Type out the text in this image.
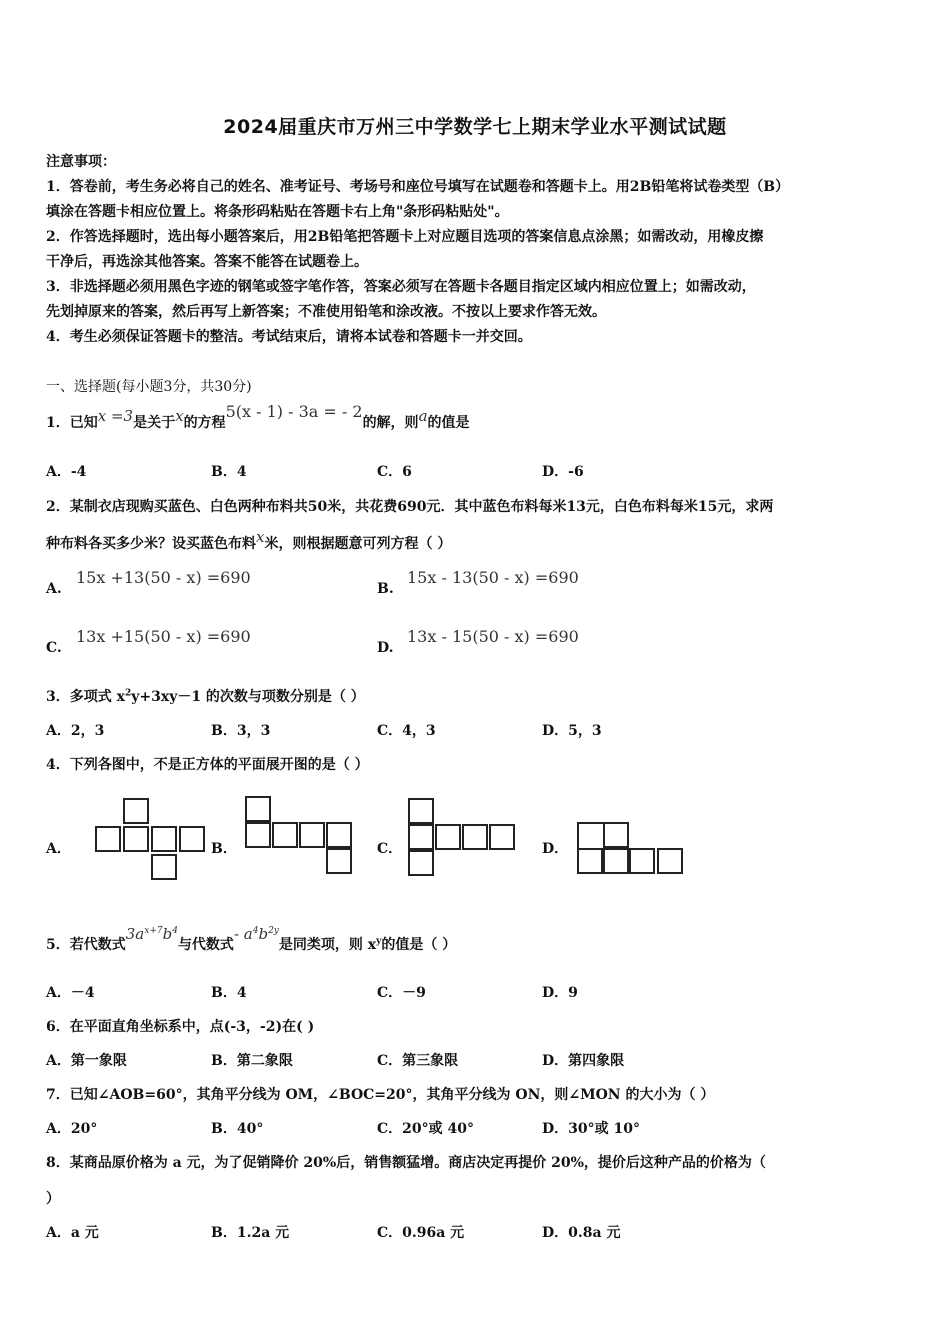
2024届重庆市万州三中学数学七上期末学业水平测试试题
注意事项：
1．答卷前，考生务必将自己的姓名、准考证号、考场号和座位号填写在试题卷和答题卡上。用2B铅笔将试卷类型（B）
填涂在答题卡相应位置上。将条形码粘贴在答题卡右上角"条形码粘贴处"。
2．作答选择题时，选出每小题答案后，用2B铅笔把答题卡上对应题目选项的答案信息点涂黑；如需改动，用橡皮擦
干净后，再选涂其他答案。答案不能答在试题卷上。
3．非选择题必须用黑色字迹的钢笔或签字笔作答，答案必须写在答题卡各题目指定区域内相应位置上；如需改动，
先划掉原来的答案，然后再写上新答案；不准使用铅笔和涂改液。不按以上要求作答无效。
4．考生必须保证答题卡的整洁。考试结束后，请将本试卷和答题卡一并交回。
一、选择题(每小题3分，共30分)
1．已知x =3是关于x的方程5(x - 1) - 3a = - 2的解，则a的值是
A．-4	B．4	C．6	D．-6
2．某制衣店现购买蓝色、白色两种布料共50米，共花费690元．其中蓝色布料每米13元，白色布料每米15元，求两
种布料各买多少米？设买蓝色布料x米，则根据题意可列方程（ ）
A.
15x +13(50 - x) =690
B.
15x - 13(50 - x) =690
C.
13x +15(50 - x) =690
D.
13x - 15(50 - x) =690
3．多项式 $x^2y+3xy-1$ 的次数与项数分别是（ ）
A．2，3	B．3，3	C．4，3	D．5，3
4．下列各图中，不是正方体的平面展开图的是（ ）
A．	B．	C．	D．
5．若代数式$3a^{x+7}b^4$与代数式- $a^4b^{2y}$是同类项，则 $x^y$的值是（ ）
A．－4	B．4	C．－9	D．9
6．在平面直角坐标系中，点(-3，-2)在( )
A．第一象限	B．第二象限	C．第三象限	D．第四象限
7．已知∠AOB=60°，其角平分线为 OM，∠BOC=20°，其角平分线为 ON，则∠MON 的大小为（ ）
A．20°	B．40°	C．20°或 40°	D．30°或 10°
8．某商品原价格为 a 元，为了促销降价 20%后，销售额猛增。商店决定再提价 20%，提价后这种产品的价格为（
）
A．a 元	B．1.2a 元	C．0.96a 元	D．0.8a 元
